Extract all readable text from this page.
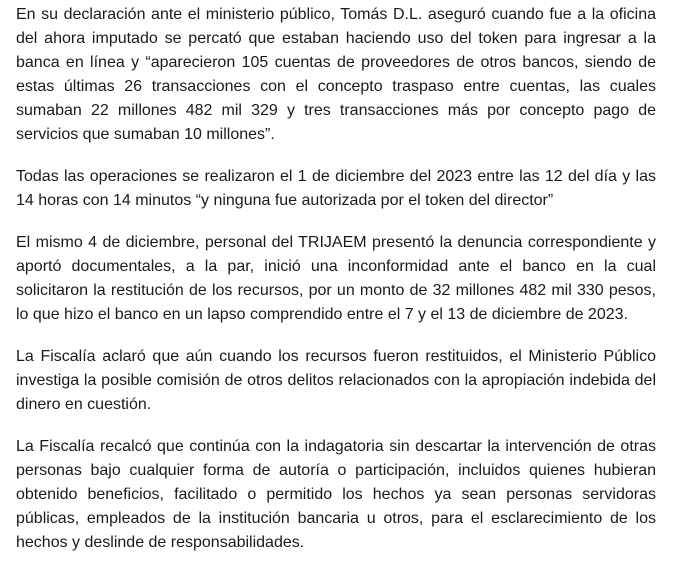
En su declaración ante el ministerio público, Tomás D.L. aseguró cuando fue a la oficina del ahora imputado se percató que estaban haciendo uso del token para ingresar a la banca en línea y “aparecieron 105 cuentas de proveedores de otros bancos, siendo de estas últimas 26 transacciones con el concepto traspaso entre cuentas, las cuales sumaban 22 millones 482 mil 329 y tres transacciones más por concepto pago de servicios que sumaban 10 millones”.

Todas las operaciones se realizaron el 1 de diciembre del 2023 entre las 12 del día y las 14 horas con 14 minutos “y ninguna fue autorizada por el token del director”

El mismo 4 de diciembre, personal del TRIJAEM presentó la denuncia correspondiente y aportó documentales, a la par, inició una inconformidad ante el banco en la cual solicitaron la restitución de los recursos, por un monto de 32 millones 482 mil 330 pesos, lo que hizo el banco en un lapso comprendido entre el 7 y el 13 de diciembre de 2023.

La Fiscalía aclaró que aún cuando los recursos fueron restituidos, el Ministerio Público investiga la posible comisión de otros delitos relacionados con la apropiación indebida del dinero en cuestión.

La Fiscalía recalcó que continúa con la indagatoria sin descartar la intervención de otras personas bajo cualquier forma de autoría o participación, incluidos quienes hubieran obtenido beneficios, facilitado o permitido los hechos ya sean personas servidoras públicas, empleados de la institución bancaria u otros, para el esclarecimiento de los hechos y deslinde de responsabilidades.
